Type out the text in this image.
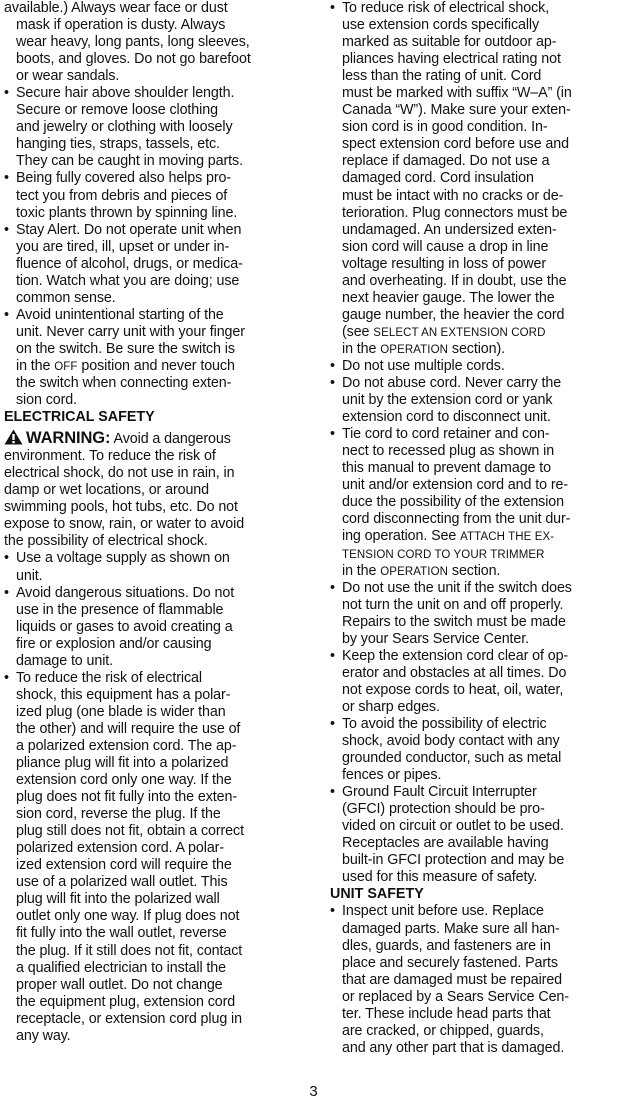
available.) Always wear face or dust
mask if operation is dusty. Always
wear heavy, long pants, long sleeves,
boots, and gloves. Do not go barefoot
or wear sandals.
• Secure hair above shoulder length.
Secure or remove loose clothing
and jewelry or clothing with loosely
hanging ties, straps, tassels, etc.
They can be caught in moving parts.
• Being fully covered also helps pro-
tect you from debris and pieces of
toxic plants thrown by spinning line.
• Stay Alert. Do not operate unit when
you are tired, ill, upset or under in-
fluence of alcohol, drugs, or medica-
tion. Watch what you are doing; use
common sense.
• Avoid unintentional starting of the
unit. Never carry unit with your finger
on the switch. Be sure the switch is
in the OFF position and never touch
the switch when connecting exten-
sion cord.
ELECTRICAL SAFETY
WARNING: Avoid a dangerous
environment. To reduce the risk of
electrical shock, do not use in rain, in
damp or wet locations, or around
swimming pools, hot tubs, etc. Do not
expose to snow, rain, or water to avoid
the possibility of electrical shock.
• Use a voltage supply as shown on
unit.
• Avoid dangerous situations. Do not
use in the presence of flammable
liquids or gases to avoid creating a
fire or explosion and/or causing
damage to unit.
• To reduce the risk of electrical
shock, this equipment has a polar-
ized plug (one blade is wider than
the other) and will require the use of
a polarized extension cord. The ap-
pliance plug will fit into a polarized
extension cord only one way. If the
plug does not fit fully into the exten-
sion cord, reverse the plug. If the
plug still does not fit, obtain a correct
polarized extension cord. A polar-
ized extension cord will require the
use of a polarized wall outlet. This
plug will fit into the polarized wall
outlet only one way. If plug does not
fit fully into the wall outlet, reverse
the plug. If it still does not fit, contact
a qualified electrician to install the
proper wall outlet. Do not change
the equipment plug, extension cord
receptacle, or extension cord plug in
any way.
• To reduce risk of electrical shock,
use extension cords specifically
marked as suitable for outdoor ap-
pliances having electrical rating not
less than the rating of unit. Cord
must be marked with suffix “W–A” (in
Canada “W”). Make sure your exten-
sion cord is in good condition. In-
spect extension cord before use and
replace if damaged. Do not use a
damaged cord. Cord insulation
must be intact with no cracks or de-
terioration. Plug connectors must be
undamaged. An undersized exten-
sion cord will cause a drop in line
voltage resulting in loss of power
and overheating. If in doubt, use the
next heavier gauge. The lower the
gauge number, the heavier the cord
(see SELECT AN EXTENSION CORD
in the OPERATION section).
• Do not use multiple cords.
• Do not abuse cord. Never carry the
unit by the extension cord or yank
extension cord to disconnect unit.
• Tie cord to cord retainer and con-
nect to recessed plug as shown in
this manual to prevent damage to
unit and/or extension cord and to re-
duce the possibility of the extension
cord disconnecting from the unit dur-
ing operation. See ATTACH THE EX-
TENSION CORD TO YOUR TRIMMER
in the OPERATION section.
• Do not use the unit if the switch does
not turn the unit on and off properly.
Repairs to the switch must be made
by your Sears Service Center.
• Keep the extension cord clear of op-
erator and obstacles at all times. Do
not expose cords to heat, oil, water,
or sharp edges.
• To avoid the possibility of electric
shock, avoid body contact with any
grounded conductor, such as metal
fences or pipes.
• Ground Fault Circuit Interrupter
(GFCI) protection should be pro-
vided on circuit or outlet to be used.
Receptacles are available having
built-in GFCI protection and may be
used for this measure of safety.
UNIT SAFETY
• Inspect unit before use. Replace
damaged parts. Make sure all han-
dles, guards, and fasteners are in
place and securely fastened. Parts
that are damaged must be repaired
or replaced by a Sears Service Cen-
ter. These include head parts that
are cracked, or chipped, guards,
and any other part that is damaged.
3
